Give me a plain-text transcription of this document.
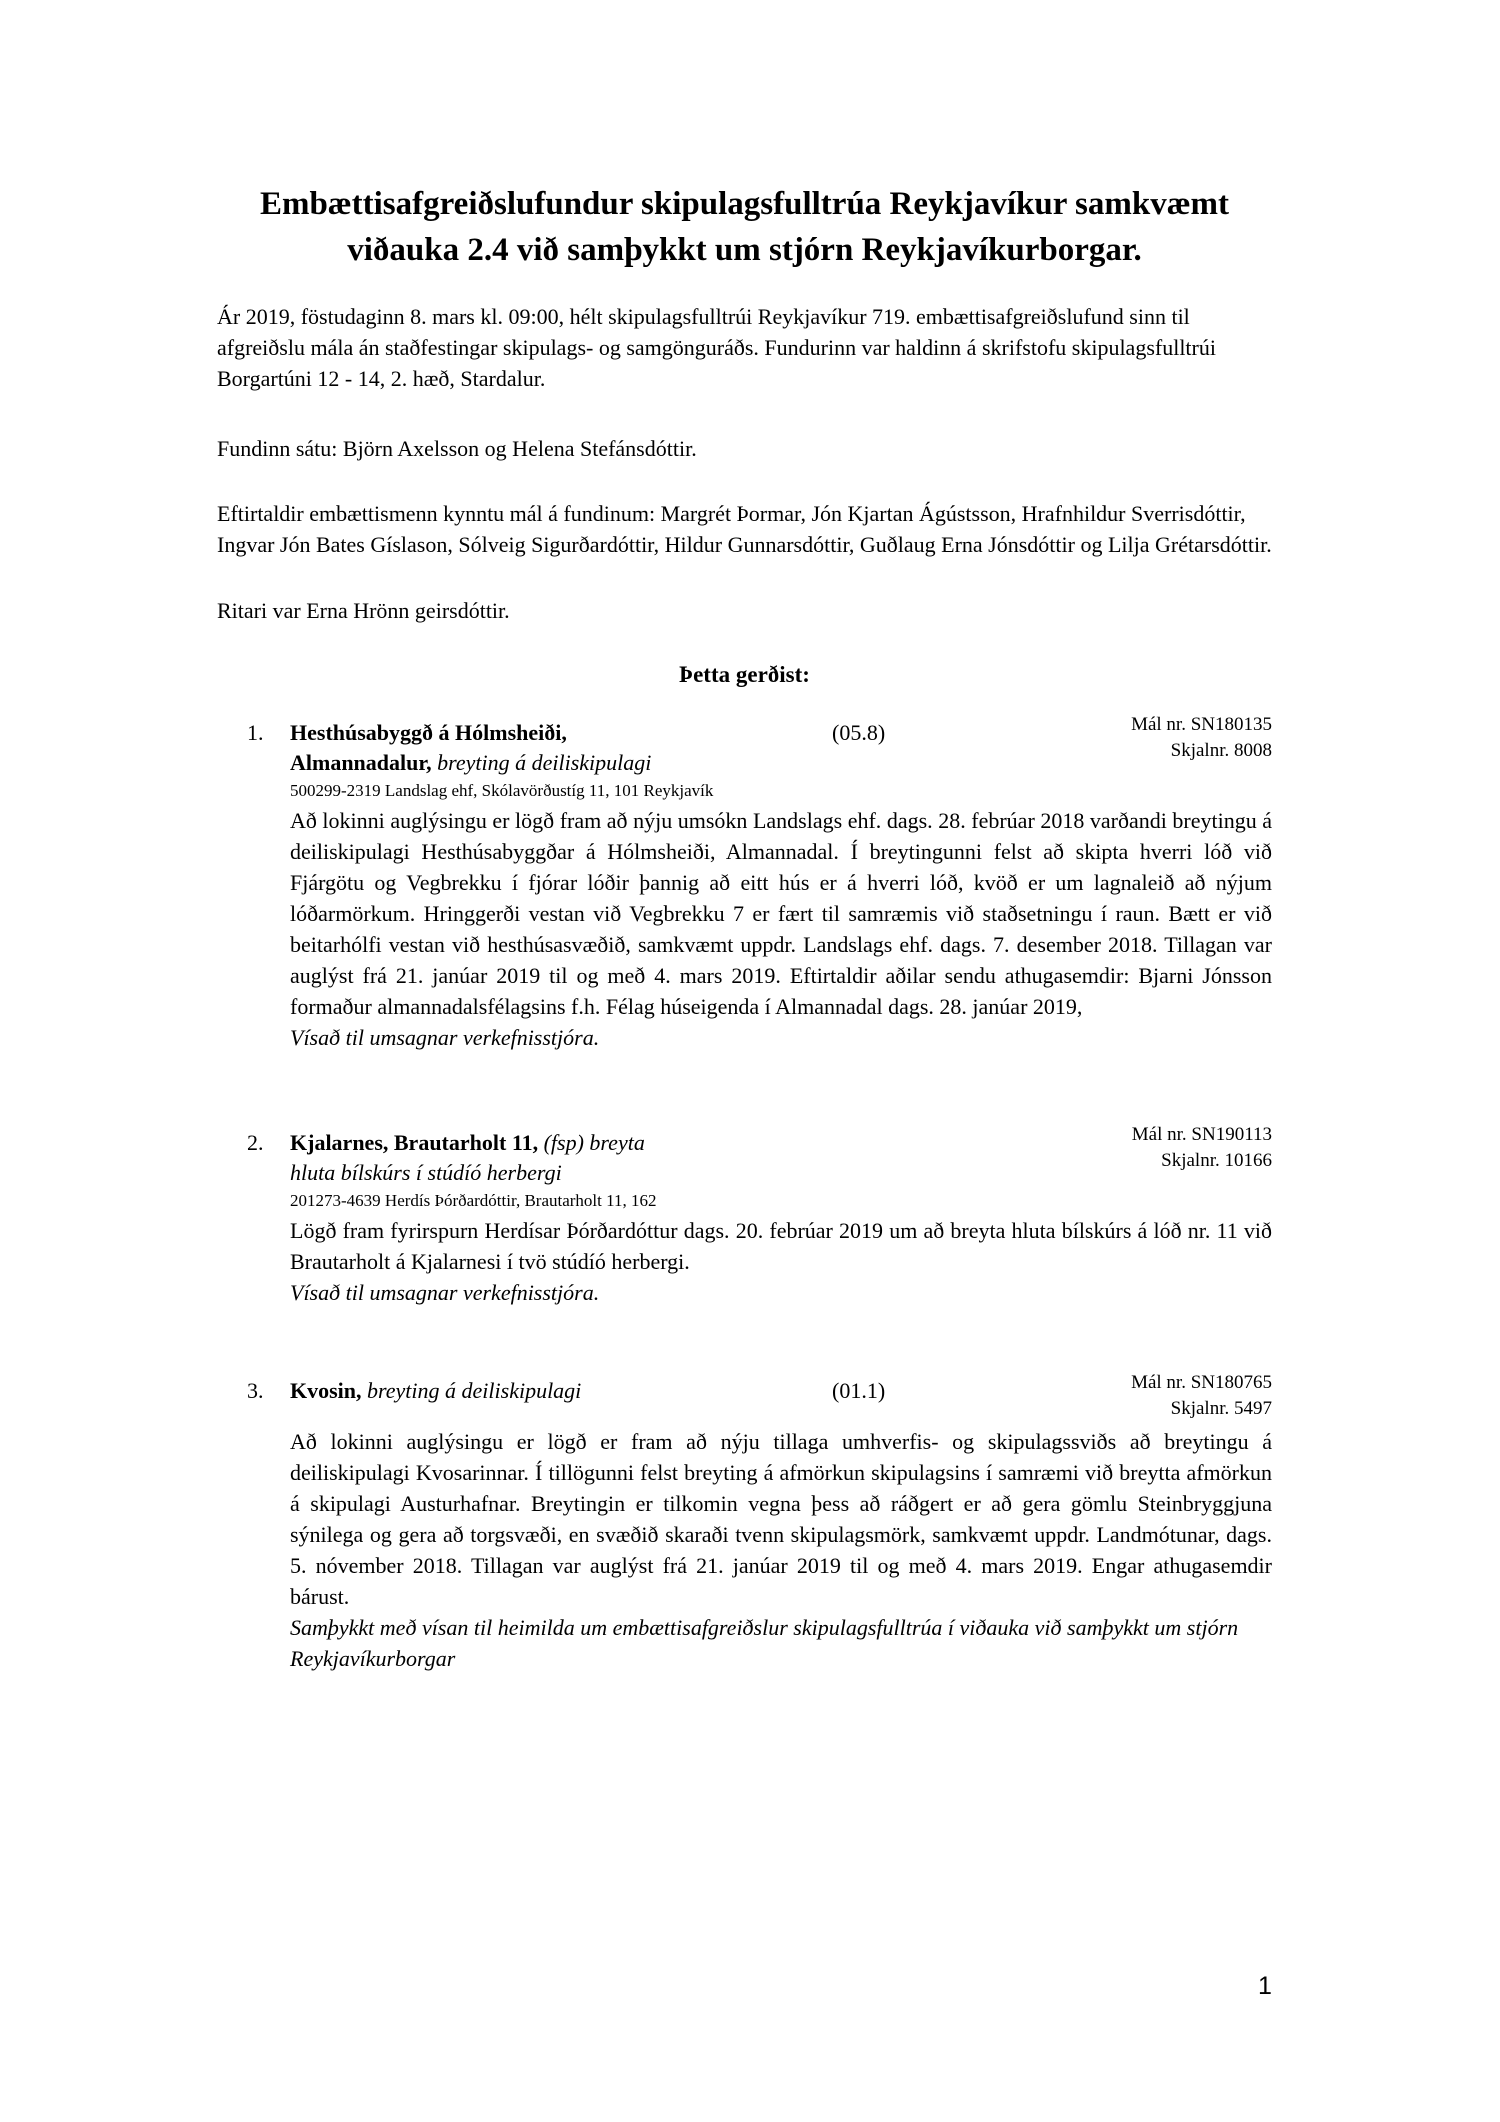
Embættisafgreiðslufundur skipulagsfulltrúa Reykjavíkur samkvæmt viðauka 2.4 við samþykkt um stjórn Reykjavíkurborgar.
Ár 2019, föstudaginn 8. mars kl. 09:00, hélt skipulagsfulltrúi Reykjavíkur 719. embættisafgreiðslufund sinn til afgreiðslu mála án staðfestingar skipulags- og samgönguráðs. Fundurinn var haldinn á skrifstofu skipulagsfulltrúi Borgartúni 12 - 14, 2. hæð, Stardalur.
Fundinn sátu: Björn Axelsson og Helena Stefánsdóttir.
Eftirtaldir embættismenn kynntu mál á fundinum: Margrét Þormar, Jón Kjartan Ágústsson, Hrafnhildur Sverrisdóttir, Ingvar Jón Bates Gíslason, Sólveig Sigurðardóttir, Hildur Gunnarsdóttir, Guðlaug Erna Jónsdóttir og Lilja Grétarsdóttir.
Ritari var Erna Hrönn geirsdóttir.
Þetta gerðist:
1.	Hesthúsabyggð á Hólmsheiði,
Almannadalur, breyting á deiliskipulagi
500299-2319 Landslag ehf, Skólavörðustíg 11, 101 Reykjavík
(05.8)	Mál nr. SN180135
Skjalnr. 8008
Að lokinni auglýsingu er lögð fram að nýju umsókn Landslags ehf. dags. 28. febrúar 2018 varðandi breytingu á deiliskipulagi Hesthúsabyggðar á Hólmsheiði, Almannadal. Í breytingunni felst að skipta hverri lóð við Fjárgötu og Vegbrekku í fjórar lóðir þannig að eitt hús er á hverri lóð, kvöð er um lagnaleið að nýjum lóðarmörkum. Hringgerði vestan við Vegbrekku 7 er fært til samræmis við staðsetningu í raun. Bætt er við beitarhólfi vestan við hesthúsasvæðið, samkvæmt uppdr. Landslags ehf. dags. 7. desember 2018. Tillagan var auglýst frá 21. janúar 2019 til og með 4. mars 2019. Eftirtaldir aðilar sendu athugasemdir: Bjarni Jónsson formaður almannadalsfélagsins f.h. Félag húseigenda í Almannadal dags. 28. janúar 2019,
Vísað til umsagnar verkefnisstjóra.
2.	Kjalarnes, Brautarholt 11, (fsp) breyta
hluta bílskúrs í stúdíó herbergi
201273-4639 Herdís Þórðardóttir, Brautarholt 11, 162
Mál nr. SN190113
Skjalnr. 10166
Lögð fram fyrirspurn Herdísar Þórðardóttur dags. 20. febrúar 2019 um að breyta hluta bílskúrs á lóð nr. 11 við Brautarholt á Kjalarnesi í tvö stúdíó herbergi.
Vísað til umsagnar verkefnisstjóra.
3.	Kvosin, breyting á deiliskipulagi	(01.1)	Mál nr. SN180765
Skjalnr. 5497
Að lokinni auglýsingu er lögð er fram að nýju tillaga umhverfis- og skipulagssviðs að breytingu á deiliskipulagi Kvosarinnar. Í tillögunni felst breyting á afmörkun skipulagsins í samræmi við breytta afmörkun á skipulagi Austurhafnar. Breytingin er tilkomin vegna þess að ráðgert er að gera gömlu Steinbryggjuna sýnilega og gera að torgsvæði, en svæðið skaraði tvenn skipulagsmörk, samkvæmt uppdr. Landmótunar, dags. 5. nóvember 2018. Tillagan var auglýst frá 21. janúar 2019 til og með 4. mars 2019. Engar athugasemdir bárust.
Samþykkt með vísan til heimilda um embættisafgreiðslur skipulagsfulltrúa í viðauka við samþykkt um stjórn Reykjavíkurborgar
1
